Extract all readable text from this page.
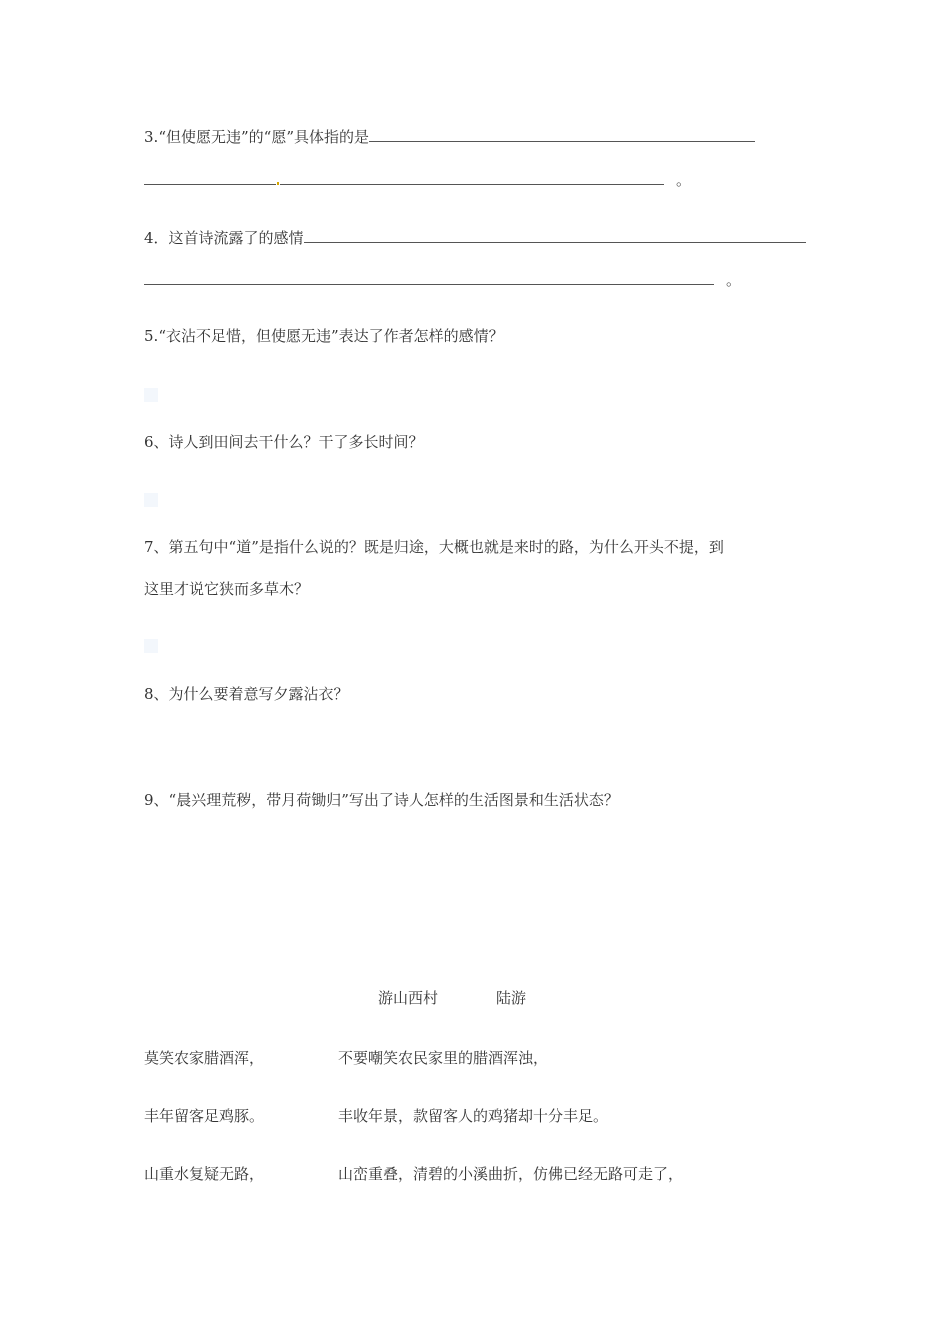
3.“但使愿无违”的“愿”具体指的是
。
4．这首诗流露了的感情
。
5.“衣沾不足惜，但使愿无违”表达了作者怎样的感情？
6、诗人到田间去干什么？干了多长时间？
7、第五句中“道”是指什么说的？既是归途，大概也就是来时的路，为什么开头不提，到
这里才说它狭而多草木？
8、为什么要着意写夕露沾衣？
9、“晨兴理荒秽，带月荷锄归”写出了诗人怎样的生活图景和生活状态？
游山西村	陆游
莫笑农家腊酒浑，	不要嘲笑农民家里的腊酒浑浊，
丰年留客足鸡豚。	丰收年景，款留客人的鸡猪却十分丰足。
山重水复疑无路，	山峦重叠，清碧的小溪曲折，仿佛已经无路可走了，
